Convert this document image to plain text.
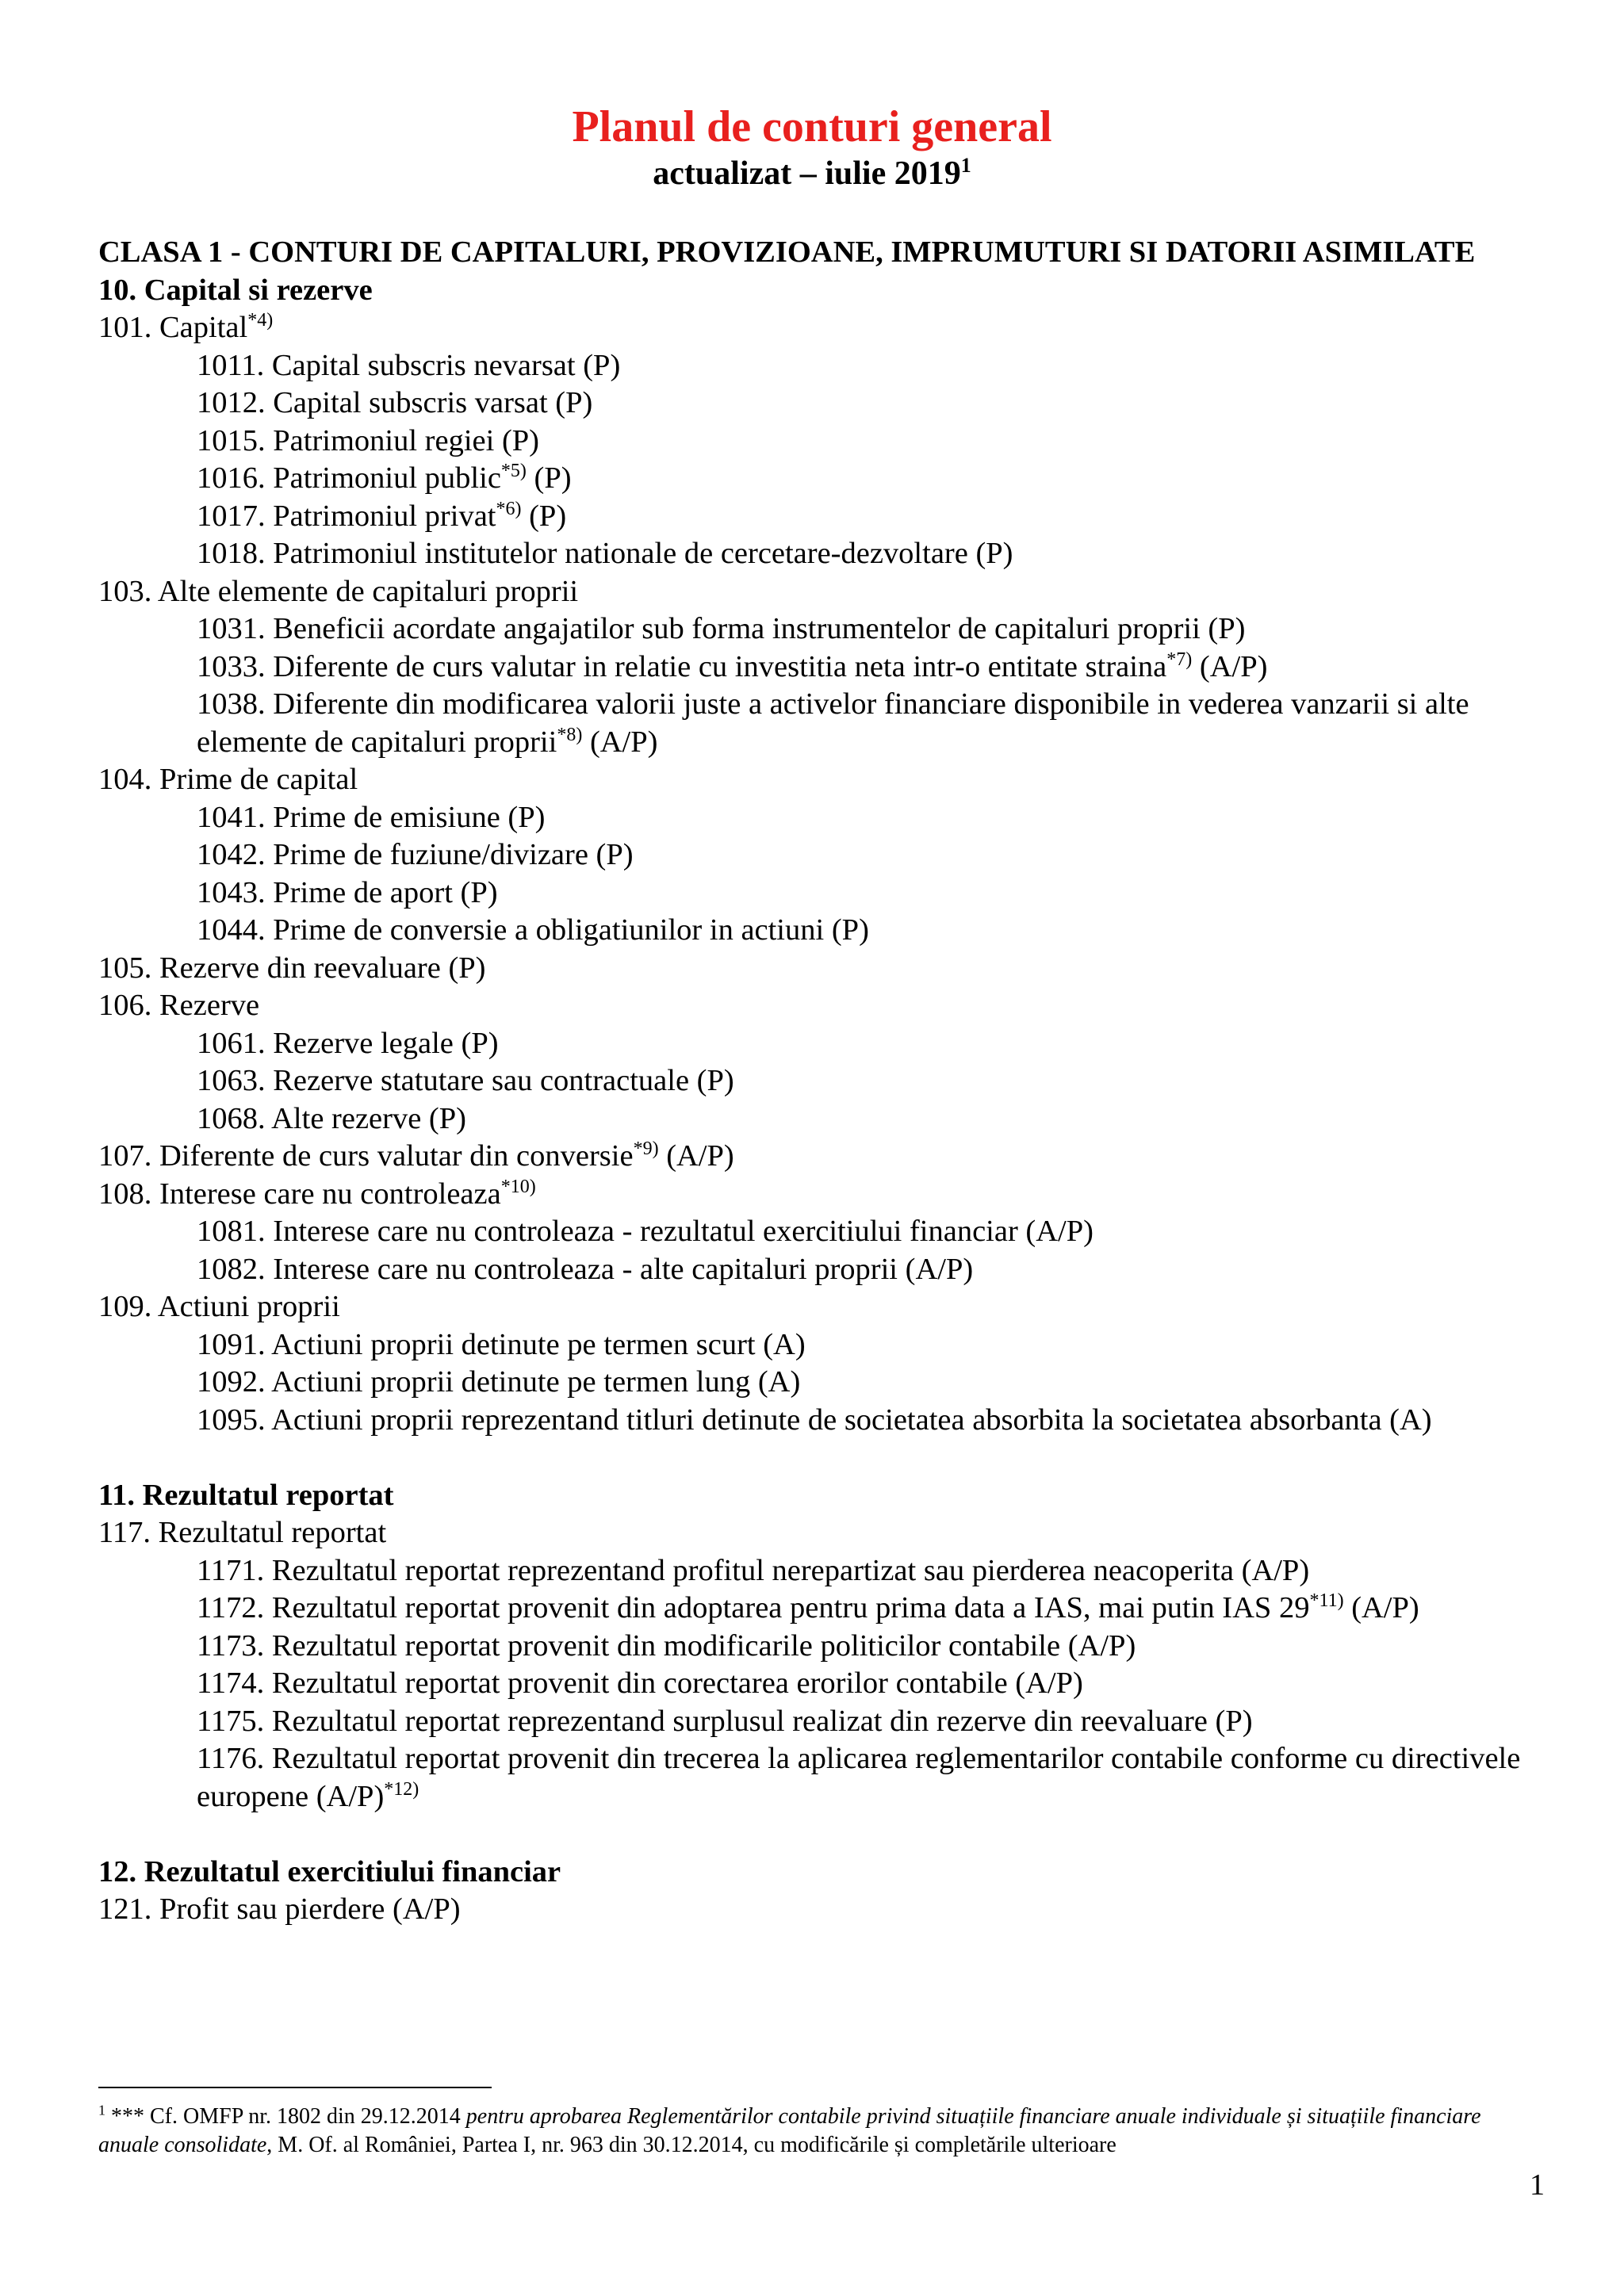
Planul de conturi general
actualizat – iulie 2019$^1$
CLASA 1 - CONTURI DE CAPITALURI, PROVIZIOANE, IMPRUMUTURI SI DATORII ASIMILATE
10. Capital si rezerve
101. Capital$^{*4)}$
1011. Capital subscris nevarsat (P)
1012. Capital subscris varsat (P)
1015. Patrimoniul regiei (P)
1016. Patrimoniul public$^{*5)}$ (P)
1017. Patrimoniul privat$^{*6)}$ (P)
1018. Patrimoniul institutelor nationale de cercetare-dezvoltare (P)
103. Alte elemente de capitaluri proprii
1031. Beneficii acordate angajatilor sub forma instrumentelor de capitaluri proprii (P)
1033. Diferente de curs valutar in relatie cu investitia neta intr-o entitate straina$^{*7)}$ (A/P)
1038. Diferente din modificarea valorii juste a activelor financiare disponibile in vederea vanzarii si alte elemente de capitaluri proprii$^{*8)}$ (A/P)
104. Prime de capital
1041. Prime de emisiune (P)
1042. Prime de fuziune/divizare (P)
1043. Prime de aport (P)
1044. Prime de conversie a obligatiunilor in actiuni (P)
105. Rezerve din reevaluare (P)
106. Rezerve
1061. Rezerve legale (P)
1063. Rezerve statutare sau contractuale (P)
1068. Alte rezerve (P)
107. Diferente de curs valutar din conversie$^{*9)}$ (A/P)
108. Interese care nu controleaza$^{*10)}$
1081. Interese care nu controleaza - rezultatul exercitiului financiar (A/P)
1082. Interese care nu controleaza - alte capitaluri proprii (A/P)
109. Actiuni proprii
1091. Actiuni proprii detinute pe termen scurt (A)
1092. Actiuni proprii detinute pe termen lung (A)
1095. Actiuni proprii reprezentand titluri detinute de societatea absorbita la societatea absorbanta (A)
11. Rezultatul reportat
117. Rezultatul reportat
1171. Rezultatul reportat reprezentand profitul nerepartizat sau pierderea neacoperita (A/P)
1172. Rezultatul reportat provenit din adoptarea pentru prima data a IAS, mai putin IAS 29$^{*11)}$ (A/P)
1173. Rezultatul reportat provenit din modificarile politicilor contabile (A/P)
1174. Rezultatul reportat provenit din corectarea erorilor contabile (A/P)
1175. Rezultatul reportat reprezentand surplusul realizat din rezerve din reevaluare (P)
1176. Rezultatul reportat provenit din trecerea la aplicarea reglementarilor contabile conforme cu directivele europene $(A/P)^{*12)}$
12. Rezultatul exercitiului financiar
121. Profit sau pierdere (A/P)
$^1$ *** Cf. OMFP nr. 1802 din 29.12.2014 pentru aprobarea Reglementărilor contabile privind situațiile financiare anuale individuale și situațiile financiare anuale consolidate, M. Of. al României, Partea I, nr. 963 din 30.12.2014, cu modificările și completările ulterioare
1
